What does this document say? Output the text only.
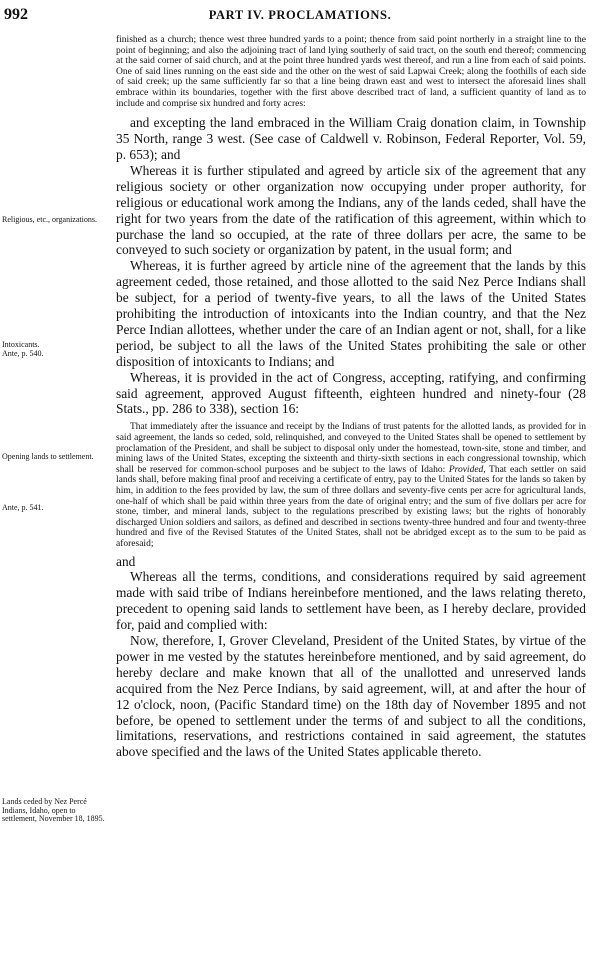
992	PART IV. PROCLAMATIONS.
Religious, etc., organizations.
Intoxicants.
Ante, p. 540.
Opening lands to settlement.
Ante, p. 541.
Lands ceded by Nez Percé Indians, Idaho, open to settlement, November 18, 1895.

finished as a church; thence west three hundred yards to a point; thence from said point northerly in a straight line to the point of beginning; and also the adjoining tract of land lying southerly of said tract, on the south end thereof; commencing at the said corner of said church, and at the point three hundred yards west thereof, and run a line from each of said points. One of said lines running on the east side and the other on the west of said Lapwai Creek; along the foothills of each side of said creek; up the same sufficiently far so that a line being drawn east and west to intersect the aforesaid lines shall embrace within its boundaries, together with the first above described tract of land, a sufficient quantity of land as to include and comprise six hundred and forty acres:

and excepting the land embraced in the William Craig donation claim, in Township 35 North, range 3 west. (See case of Caldwell v. Robinson, Federal Reporter, Vol. 59, p. 653); and

Whereas it is further stipulated and agreed by article six of the agreement that any religious society or other organization now occupying under proper authority, for religious or educational work among the Indians, any of the lands ceded, shall have the right for two years from the date of the ratification of this agreement, within which to purchase the land so occupied, at the rate of three dollars per acre, the same to be conveyed to such society or organization by patent, in the usual form; and

Whereas, it is further agreed by article nine of the agreement that the lands by this agreement ceded, those retained, and those allotted to the said Nez Perce Indians shall be subject, for a period of twenty-five years, to all the laws of the United States prohibiting the introduction of intoxicants into the Indian country, and that the Nez Perce Indian allottees, whether under the care of an Indian agent or not, shall, for a like period, be subject to all the laws of the United States prohibiting the sale or other disposition of intoxicants to Indians; and

Whereas, it is provided in the act of Congress, accepting, ratifying, and confirming said agreement, approved August fifteenth, eighteen hundred and ninety-four (28 Stats., pp. 286 to 338), section 16:

That immediately after the issuance and receipt by the Indians of trust patents for the allotted lands, as provided for in said agreement, the lands so ceded, sold, relinquished, and conveyed to the United States shall be opened to settlement by proclamation of the President, and shall be subject to disposal only under the homestead, town-site, stone and timber, and mining laws of the United States, excepting the sixteenth and thirty-sixth sections in each congressional township, which shall be reserved for common-school purposes and be subject to the laws of Idaho: Provided, That each settler on said lands shall, before making final proof and receiving a certificate of entry, pay to the United States for the lands so taken by him, in addition to the fees provided by law, the sum of three dollars and seventy-five cents per acre for agricultural lands, one-half of which shall be paid within three years from the date of original entry; and the sum of five dollars per acre for stone, timber, and mineral lands, subject to the regulations prescribed by existing laws; but the rights of honorably discharged Union soldiers and sailors, as defined and described in sections twenty-three hundred and four and twenty-three hundred and five of the Revised Statutes of the United States, shall not be abridged except as to the sum to be paid as aforesaid;

and

Whereas all the terms, conditions, and considerations required by said agreement made with said tribe of Indians hereinbefore mentioned, and the laws relating thereto, precedent to opening said lands to settlement have been, as I hereby declare, provided for, paid and complied with:

Now, therefore, I, Grover Cleveland, President of the United States, by virtue of the power in me vested by the statutes hereinbefore mentioned, and by said agreement, do hereby declare and make known that all of the unallotted and unreserved lands acquired from the Nez Perce Indians, by said agreement, will, at and after the hour of 12 o'clock, noon, (Pacific Standard time) on the 18th day of November 1895 and not before, be opened to settlement under the terms of and subject to all the conditions, limitations, reservations, and restrictions contained in said agreement, the statutes above specified and the laws of the United States applicable thereto.
